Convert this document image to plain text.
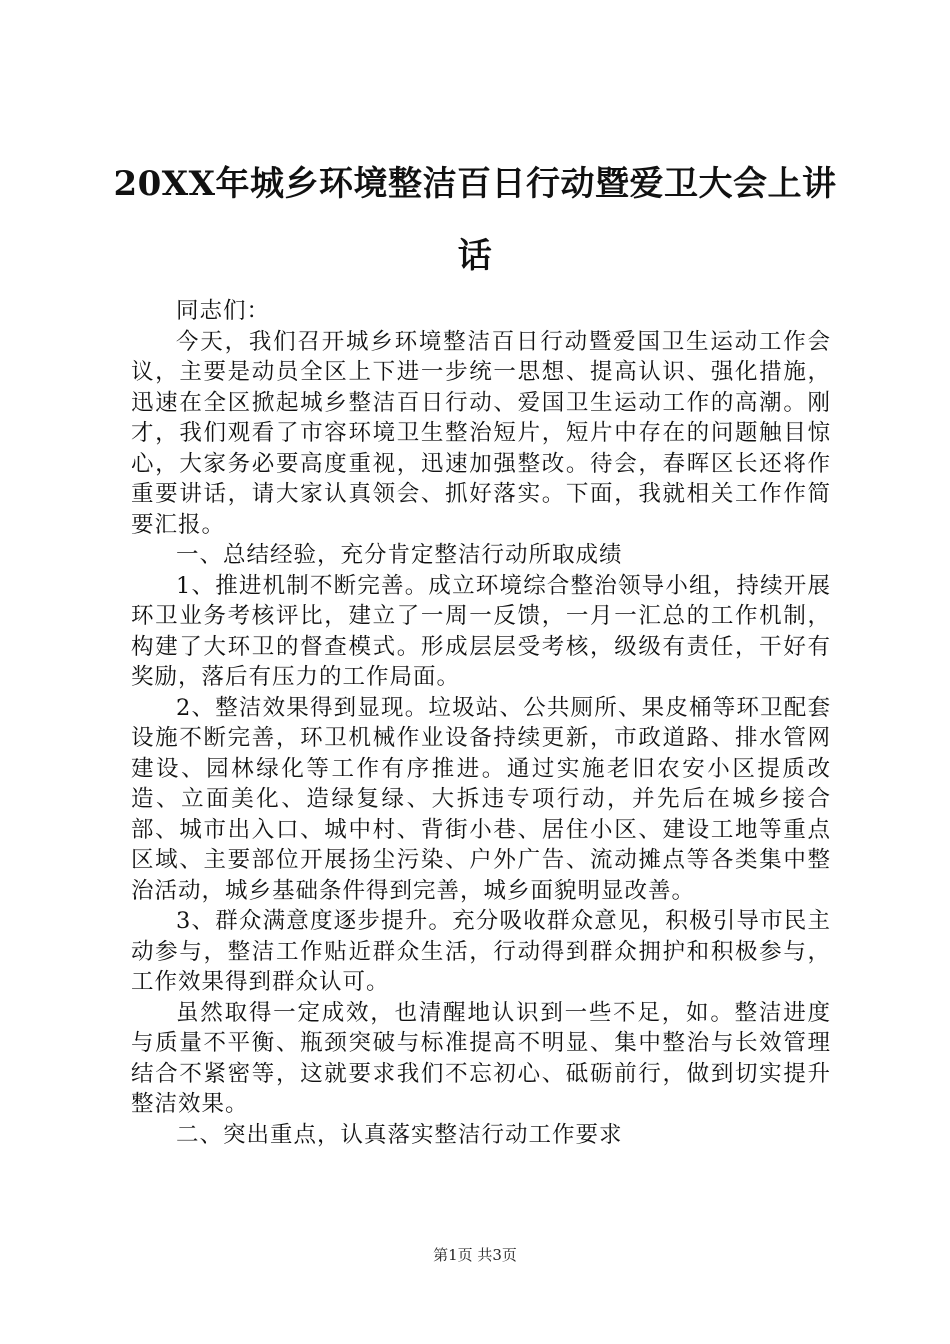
20XX年城乡环境整洁百日行动暨爱卫大会上讲话

同志们：

今天，我们召开城乡环境整洁百日行动暨爱国卫生运动工作会议，主要是动员全区上下进一步统一思想、提高认识、强化措施，迅速在全区掀起城乡整洁百日行动、爱国卫生运动工作的高潮。刚才，我们观看了市容环境卫生整治短片，短片中存在的问题触目惊心，大家务必要高度重视，迅速加强整改。待会，春晖区长还将作重要讲话，请大家认真领会、抓好落实。下面，我就相关工作作简要汇报。

一、总结经验，充分肯定整洁行动所取成绩

1、推进机制不断完善。成立环境综合整治领导小组，持续开展环卫业务考核评比，建立了一周一反馈，一月一汇总的工作机制，构建了大环卫的督查模式。形成层层受考核，级级有责任，干好有奖励，落后有压力的工作局面。

2、整洁效果得到显现。垃圾站、公共厕所、果皮桶等环卫配套设施不断完善，环卫机械作业设备持续更新，市政道路、排水管网建设、园林绿化等工作有序推进。通过实施老旧农安小区提质改造、立面美化、造绿复绿、大拆违专项行动，并先后在城乡接合部、城市出入口、城中村、背街小巷、居住小区、建设工地等重点区域、主要部位开展扬尘污染、户外广告、流动摊点等各类集中整治活动，城乡基础条件得到完善，城乡面貌明显改善。

3、群众满意度逐步提升。充分吸收群众意见，积极引导市民主动参与，整洁工作贴近群众生活，行动得到群众拥护和积极参与，工作效果得到群众认可。

虽然取得一定成效，也清醒地认识到一些不足，如。整洁进度与质量不平衡、瓶颈突破与标准提高不明显、集中整治与长效管理结合不紧密等，这就要求我们不忘初心、砥砺前行，做到切实提升整洁效果。

二、突出重点，认真落实整洁行动工作要求

第1页 共3页
